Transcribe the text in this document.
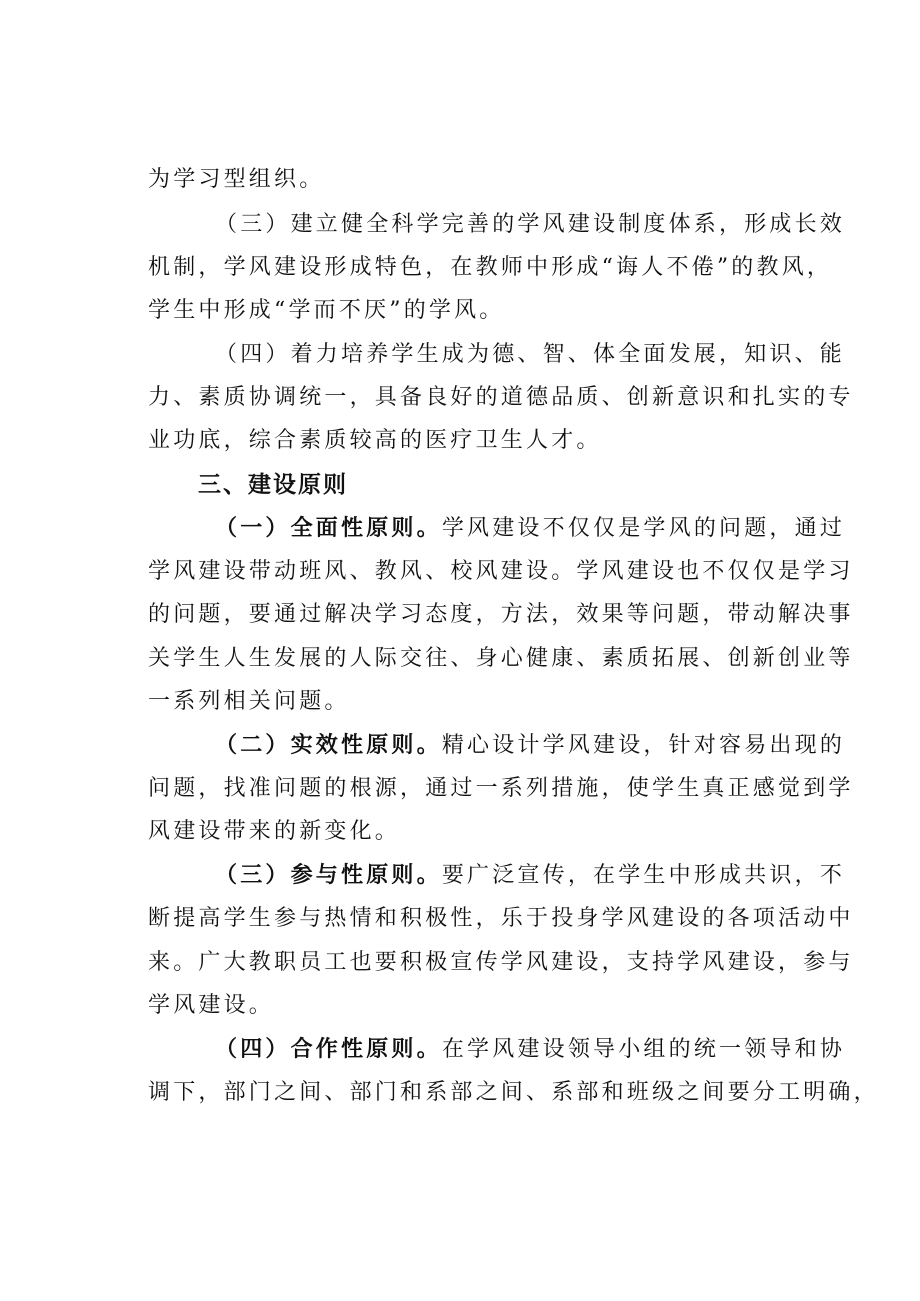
为学习型组织。
（三）建立健全科学完善的学风建设制度体系，形成长效
机制，学风建设形成特色，在教师中形成“诲人不倦”的教风，
学生中形成“学而不厌”的学风。
（四）着力培养学生成为德、智、体全面发展，知识、能
力、素质协调统一，具备良好的道德品质、创新意识和扎实的专
业功底，综合素质较高的医疗卫生人才。
三、建设原则
（一）全面性原则。学风建设不仅仅是学风的问题，通过
学风建设带动班风、教风、校风建设。学风建设也不仅仅是学习
的问题，要通过解决学习态度，方法，效果等问题，带动解决事
关学生人生发展的人际交往、身心健康、素质拓展、创新创业等
一系列相关问题。
（二）实效性原则。精心设计学风建设，针对容易出现的
问题，找准问题的根源，通过一系列措施，使学生真正感觉到学
风建设带来的新变化。
（三）参与性原则。要广泛宣传，在学生中形成共识，不
断提高学生参与热情和积极性，乐于投身学风建设的各项活动中
来。广大教职员工也要积极宣传学风建设，支持学风建设，参与
学风建设。
（四）合作性原则。在学风建设领导小组的统一领导和协
调下，部门之间、部门和系部之间、系部和班级之间要分工明确，
